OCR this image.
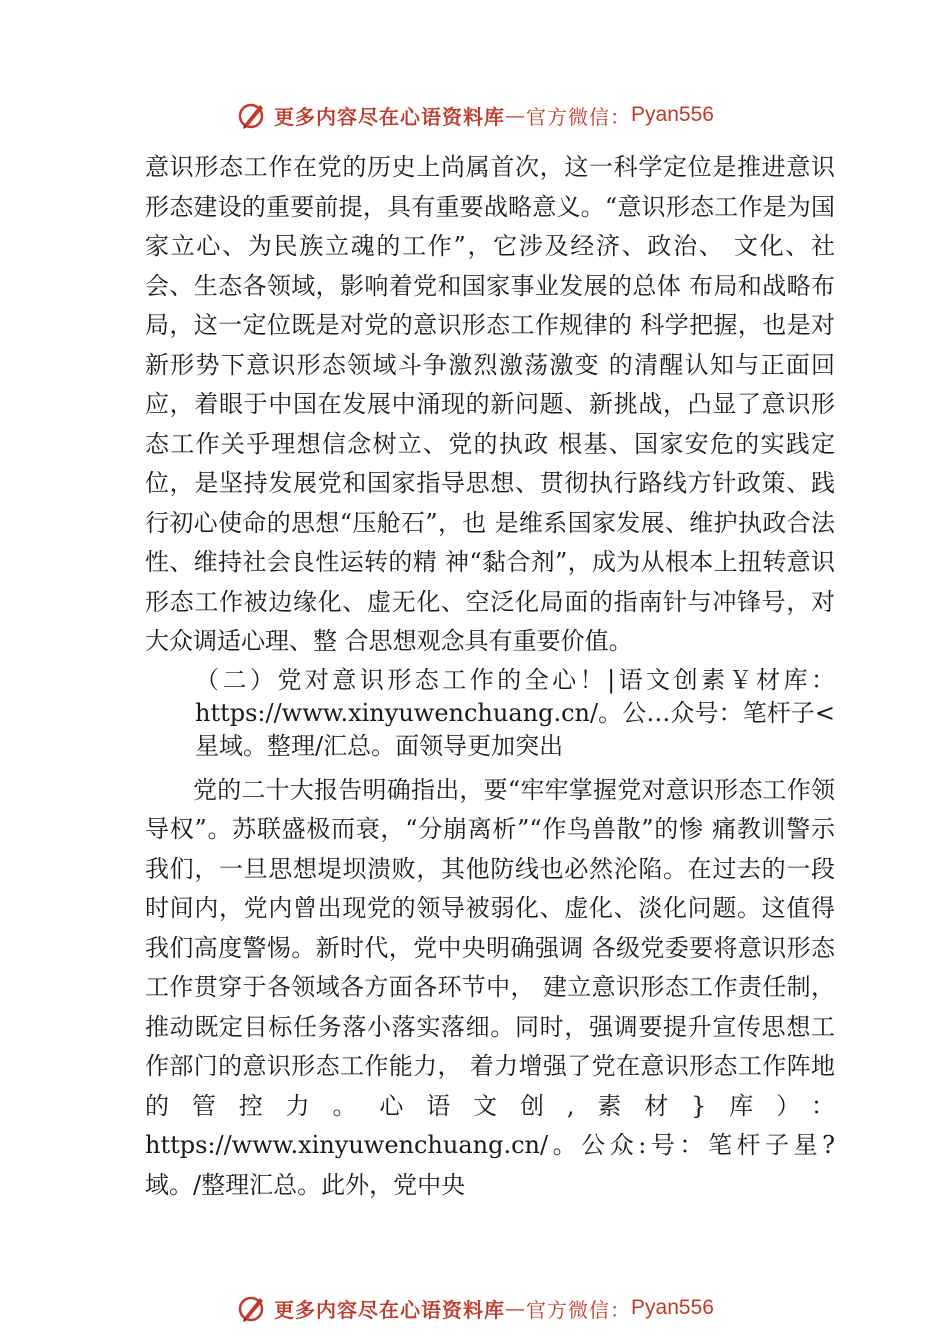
更多内容尽在心语资料库 — 官方微信： Pyan556

意识形态工作在党的历史上尚属首次，这一科学定位是推进意识形态建设的重要前提，具有重要战略意义。“意识形态工作是为国家立心、为民族立魂的工作”，它涉及经济、政治、 文化、社会、生态各领域，影响着党和国家事业发展的总体 布局和战略布局，这一定位既是对党的意识形态工作规律的 科学把握，也是对新形势下意识形态领域斗争激烈激荡激变 的清醒认知与正面回应，着眼于中国在发展中涌现的新问题、新挑战，凸显了意识形态工作关乎理想信念树立、党的执政 根基、国家安危的实践定位，是坚持发展党和国家指导思想、贯彻执行路线方针政策、践行初心使命的思想“压舱石”，也 是维系国家发展、维护执政合法性、维持社会良性运转的精 神“黏合剂”，成为从根本上扭转意识形态工作被边缘化、虚无化、空泛化局面的指南针与冲锋号，对大众调适心理、整 合思想观念具有重要价值。

（二）党对意识形态工作的全心！|语文创素￥材库：https://www.xinyuwenchuang.cn/。公…众号：笔杆子<星域。整理/汇总。面领导更加突出

党的二十大报告明确指出，要“牢牢掌握党对意识形态工作领导权”。苏联盛极而衰，“分崩离析”“作鸟兽散”的惨 痛教训警示我们，一旦思想堤坝溃败，其他防线也必然沦陷。在过去的一段时间内，党内曾出现党的领导被弱化、虚化、淡化问题。这值得我们高度警惕。新时代，党中央明确强调 各级党委要将意识形态工作贯穿于各领域各方面各环节中， 建立意识形态工作责任制，推动既定目标任务落小落实落细。同时，强调要提升宣传思想工作部门的意识形态工作能力， 着力增强了党在意识形态工作阵地的管控力。心语文创,素材}库）：https://www.xinyuwenchuang.cn/。公众:号：笔杆子星?域。/整理汇总。此外，党中央

更多内容尽在心语资料库 — 官方微信： Pyan556
